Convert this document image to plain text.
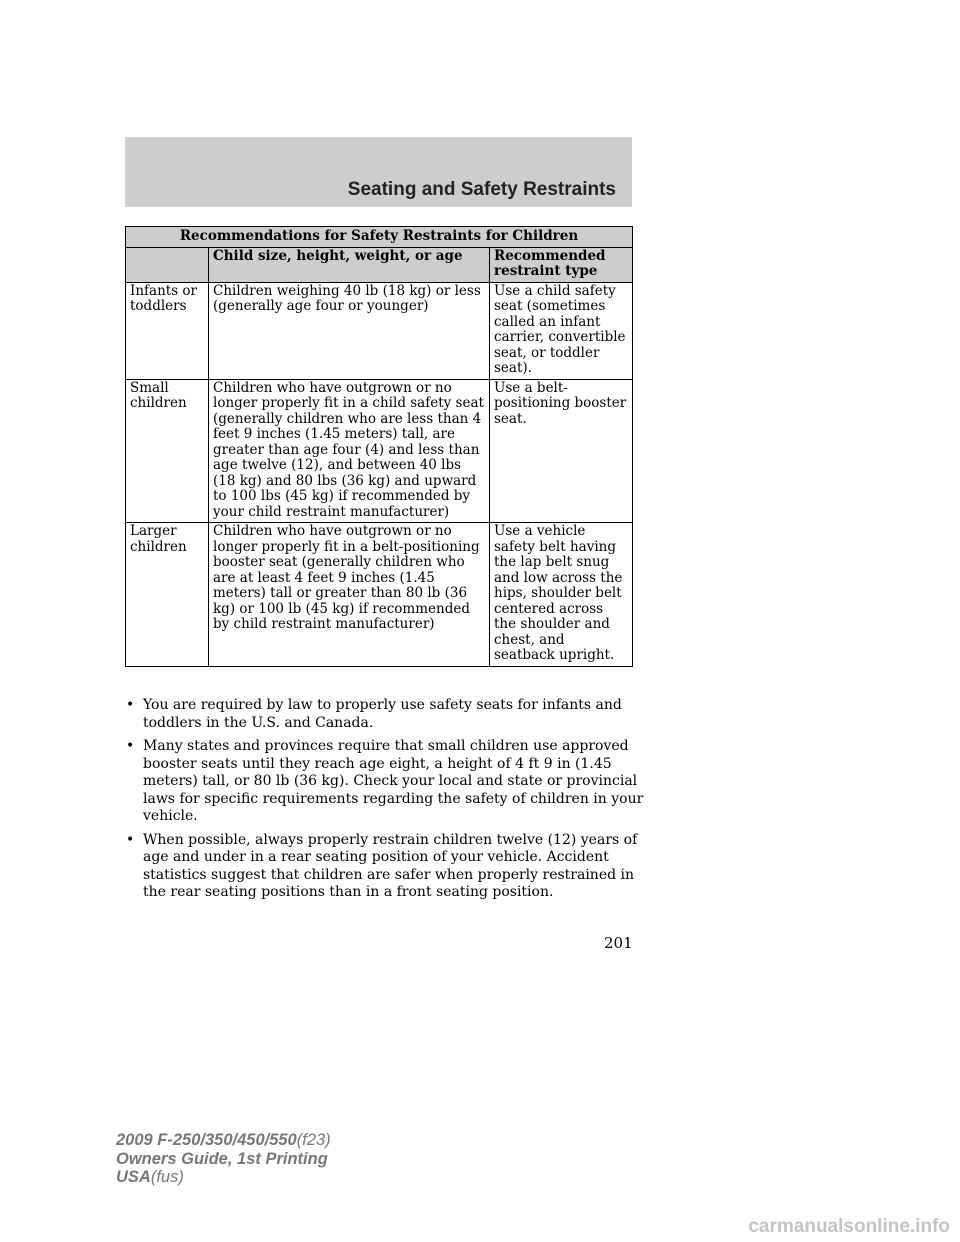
Seating and Safety Restraints
Recommendations for Safety Restraints for Children		
	Child size, height, weight, or age	Recommended restraint type
Infants or toddlers	Children weighing 40 lb (18 kg) or less (generally age four or younger)	Use a child safety seat (sometimes called an infant carrier, convertible seat, or toddler seat).
Small children	Children who have outgrown or no longer properly fit in a child safety seat (generally children who are less than 4 feet 9 inches (1.45 meters) tall, are greater than age four (4) and less than age twelve (12), and between 40 lbs (18 kg) and 80 lbs (36 kg) and upward to 100 lbs (45 kg) if recommended by your child restraint manufacturer)	Use a belt-positioning booster seat.
Larger children	Children who have outgrown or no longer properly fit in a belt-positioning booster seat (generally children who are at least 4 feet 9 inches (1.45 meters) tall or greater than 80 lb (36 kg) or 100 lb (45 kg) if recommended by child restraint manufacturer)	Use a vehicle safety belt having the lap belt snug and low across the hips, shoulder belt centered across the shoulder and chest, and seatback upright.
• You are required by law to properly use safety seats for infants and toddlers in the U.S. and Canada.
• Many states and provinces require that small children use approved booster seats until they reach age eight, a height of 4 ft 9 in (1.45 meters) tall, or 80 lb (36 kg). Check your local and state or provincial laws for specific requirements regarding the safety of children in your vehicle.
• When possible, always properly restrain children twelve (12) years of age and under in a rear seating position of your vehicle. Accident statistics suggest that children are safer when properly restrained in the rear seating positions than in a front seating position.
201
2009 F-250/350/450/550(f23)
Owners Guide, 1st Printing
USA(fus)
carmanualsonline.info
